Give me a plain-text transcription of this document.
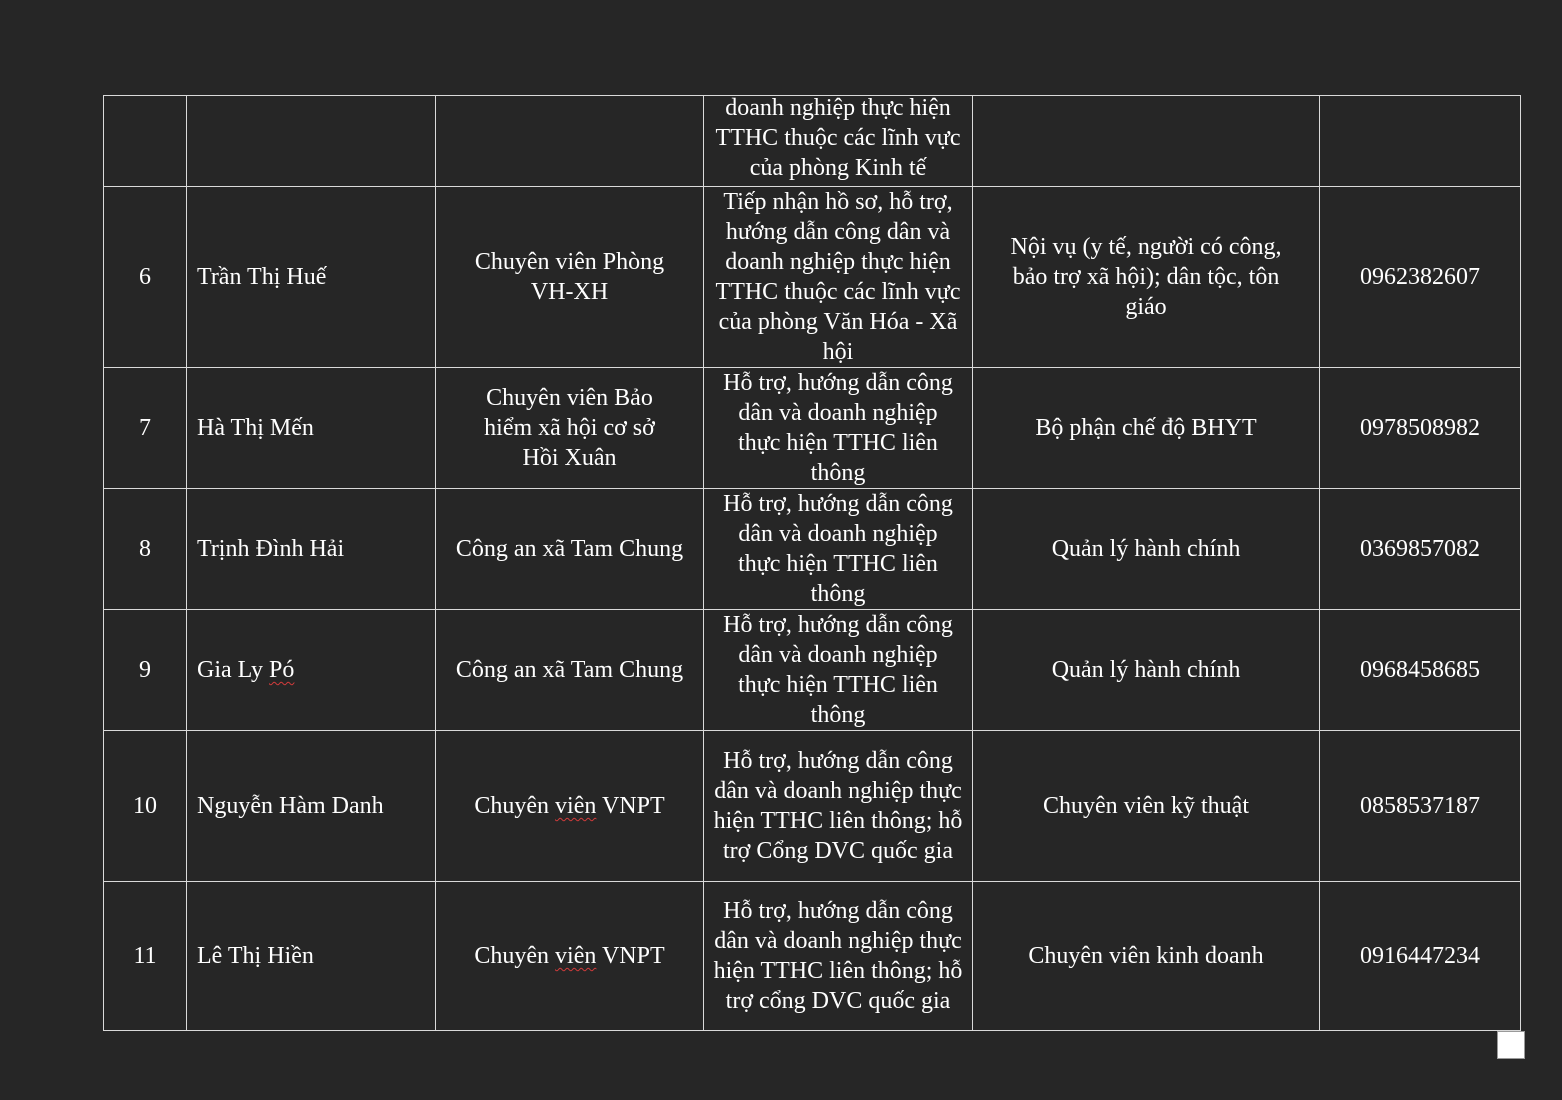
			doanh nghiệp thực hiện TTHC thuộc các lĩnh vực của phòng Kinh tế		

6	Trần Thị Huế	Chuyên viên Phòng VH-XH	Tiếp nhận hồ sơ, hỗ trợ, hướng dẫn công dân và doanh nghiệp thực hiện TTHC thuộc các lĩnh vực của phòng Văn Hóa - Xã hội	Nội vụ (y tế, người có công, bảo trợ xã hội); dân tộc, tôn giáo	0962382607
7	Hà Thị Mến	Chuyên viên Bảo hiểm xã hội cơ sở Hồi Xuân	Hỗ trợ, hướng dẫn công dân và doanh nghiệp thực hiện TTHC liên thông	Bộ phận chế độ BHYT	0978508982
8	Trịnh Đình Hải	Công an xã Tam Chung	Hỗ trợ, hướng dẫn công dân và doanh nghiệp thực hiện TTHC liên thông	Quản lý hành chính	0369857082
9	Gia Ly Pó	Công an xã Tam Chung	Hỗ trợ, hướng dẫn công dân và doanh nghiệp thực hiện TTHC liên thông	Quản lý hành chính	0968458685
10	Nguyễn Hàm Danh	Chuyên viên VNPT	Hỗ trợ, hướng dẫn công dân và doanh nghiệp thực hiện TTHC liên thông; hỗ trợ Cổng DVC quốc gia	Chuyên viên kỹ thuật	0858537187
11	Lê Thị Hiền	Chuyên viên VNPT	Hỗ trợ, hướng dẫn công dân và doanh nghiệp thực hiện TTHC liên thông; hỗ trợ cổng DVC quốc gia	Chuyên viên kinh doanh	0916447234
